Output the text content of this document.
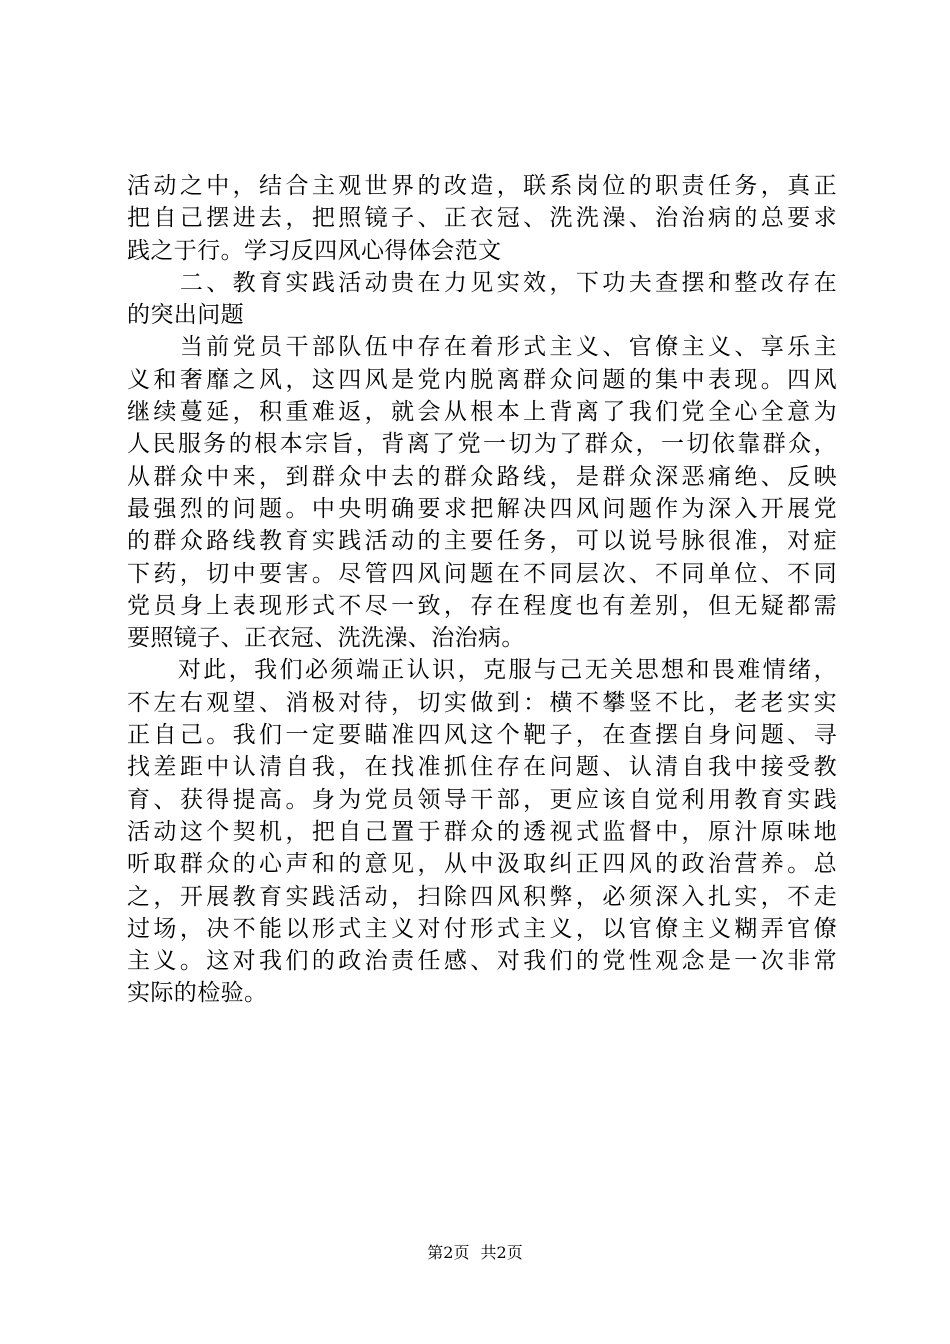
活动之中，结合主观世界的改造，联系岗位的职责任务，真正
把自己摆进去，把照镜子、正衣冠、洗洗澡、治治病的总要求
践之于行。学习反四风心得体会范文
　　二、教育实践活动贵在力见实效，下功夫查摆和整改存在
的突出问题
　　当前党员干部队伍中存在着形式主义、官僚主义、享乐主
义和奢靡之风，这四风是党内脱离群众问题的集中表现。四风
继续蔓延，积重难返，就会从根本上背离了我们党全心全意为
人民服务的根本宗旨，背离了党一切为了群众，一切依靠群众，
从群众中来，到群众中去的群众路线，是群众深恶痛绝、反映
最强烈的问题。中央明确要求把解决四风问题作为深入开展党
的群众路线教育实践活动的主要任务，可以说号脉很准，对症
下药，切中要害。尽管四风问题在不同层次、不同单位、不同
党员身上表现形式不尽一致，存在程度也有差别，但无疑都需
要照镜子、正衣冠、洗洗澡、治治病。
　　对此，我们必须端正认识，克服与己无关思想和畏难情绪，
不左右观望、消极对待，切实做到：横不攀竖不比，老老实实
正自己。我们一定要瞄准四风这个靶子，在查摆自身问题、寻
找差距中认清自我，在找准抓住存在问题、认清自我中接受教
育、获得提高。身为党员领导干部，更应该自觉利用教育实践
活动这个契机，把自己置于群众的透视式监督中，原汁原味地
听取群众的心声和的意见，从中汲取纠正四风的政治营养。总
之，开展教育实践活动，扫除四风积弊，必须深入扎实，不走
过场，决不能以形式主义对付形式主义，以官僚主义糊弄官僚
主义。这对我们的政治责任感、对我们的党性观念是一次非常
实际的检验。
第2页 共2页
